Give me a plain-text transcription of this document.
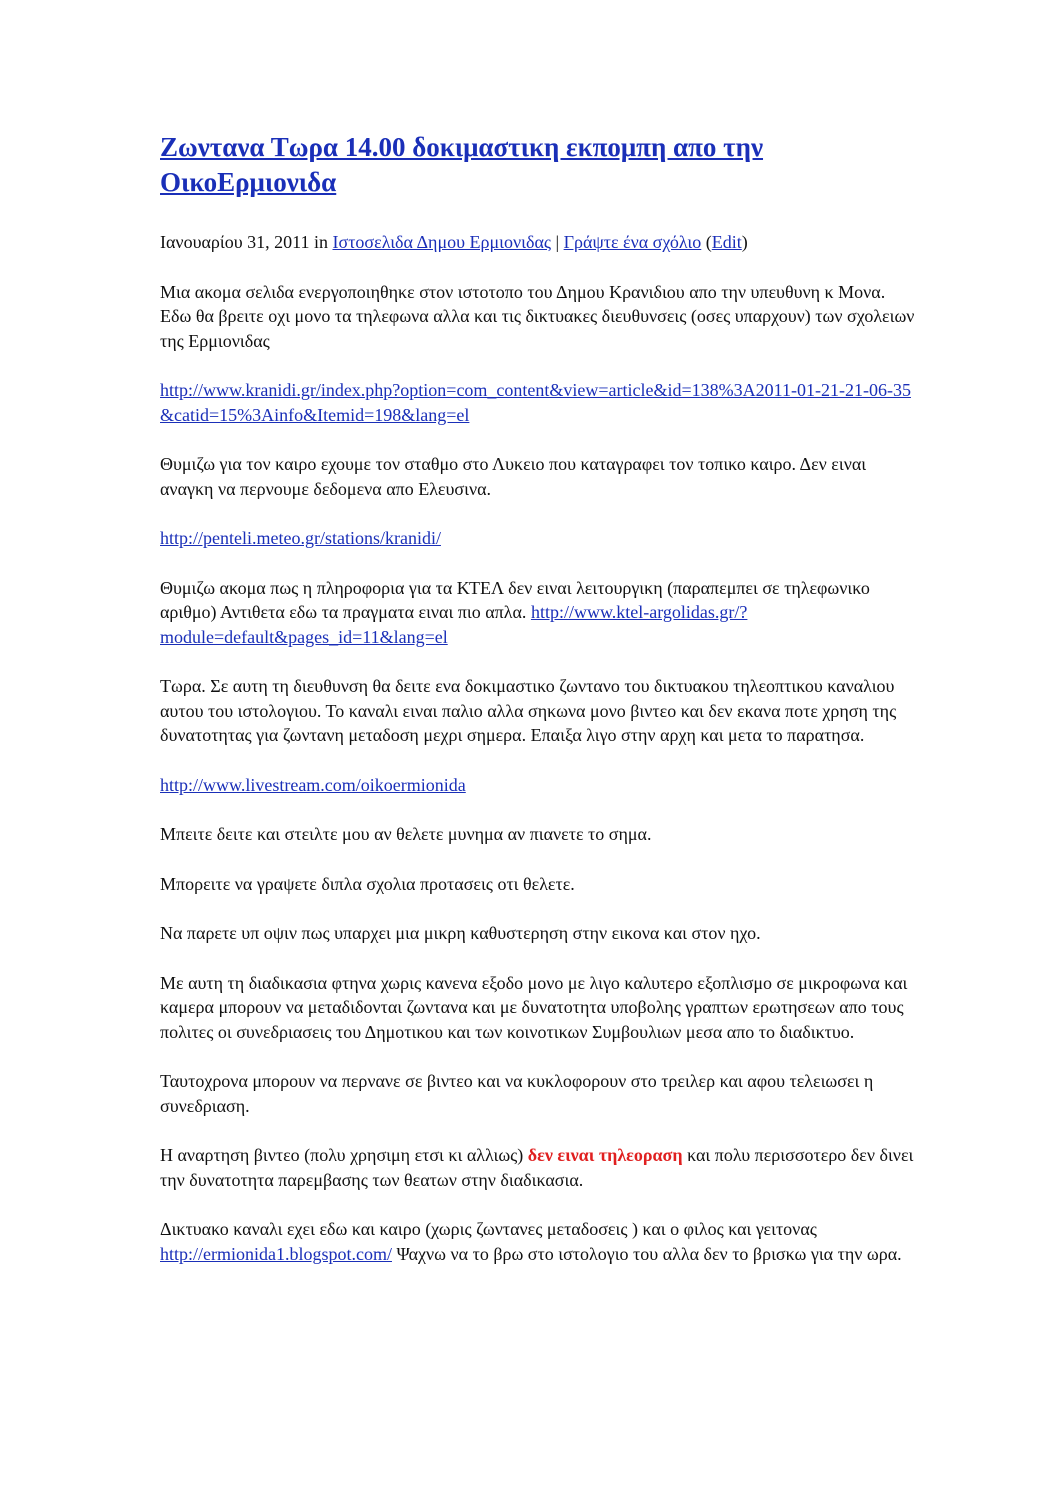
Ζωντανα Τωρα 14.00 δοκιμαστικη εκπομπη απο την ΟικοΕρμιονιδα

Ιανουαρίου 31, 2011 in Ιστοσελιδα Δημου Ερμιονιδας | Γράψτε ένα σχόλιο (Edit)

Μια ακομα σελιδα ενεργοποιηθηκε στον ιστοτοπο του Δημου Κρανιδιου απο την υπευθυνη κ Μονα. Εδω θα βρειτε οχι μονο τα τηλεφωνα αλλα και τις δικτυακες διευθυνσεις (οσες υπαρχουν) των σχολειων της Ερμιονιδας

http://www.kranidi.gr/index.php?option=com_content&view=article&id=138%3A2011-01-21-21-06-35&catid=15%3Ainfo&Itemid=198&lang=el

Θυμιζω για τον καιρο εχουμε τον σταθμο στο Λυκειο που καταγραφει τον τοπικο καιρο. Δεν ειναι αναγκη να περνουμε δεδομενα απο Ελευσινα.

http://penteli.meteo.gr/stations/kranidi/

Θυμιζω ακομα πως η πληροφορια για τα ΚΤΕΛ δεν ειναι λειτουργικη (παραπεμπει σε τηλεφωνικο αριθμο) Αντιθετα εδω τα πραγματα ειναι πιο απλα. http://www.ktel-argolidas.gr/?module=default&pages_id=11&lang=el

Τωρα. Σε αυτη τη διευθυνση θα δειτε ενα δοκιμαστικο ζωντανο του δικτυακου τηλεοπτικου καναλιου αυτου του ιστολογιου. Το καναλι ειναι παλιο αλλα σηκωνα μονο βιντεο και δεν εκανα ποτε χρηση της δυνατοτητας για ζωντανη μεταδοση μεχρι σημερα. Επαιξα λιγο στην αρχη και μετα το παρατησα.

http://www.livestream.com/oikoermionida

Μπειτε δειτε και στειλτε μου αν θελετε μυνημα αν πιανετε το σημα.

Μπορειτε να γραψετε διπλα σχολια προτασεις οτι θελετε.

Να παρετε υπ οψιν πως υπαρχει μια μικρη καθυστερηση στην εικονα και στον ηχο.

Με αυτη τη διαδικασια φτηνα χωρις κανενα εξοδο μονο με λιγο καλυτερο εξοπλισμο σε μικροφωνα και καμερα μπορουν να μεταδιδονται ζωντανα και με δυνατοτητα υποβολης γραπτων ερωτησεων απο τους πολιτες οι συνεδριασεις του Δημοτικου και των κοινοτικων Συμβουλιων μεσα απο το διαδικτυο.

Ταυτοχρονα μπορουν να περνανε σε βιντεο και να κυκλοφορουν στο τρειλερ και αφου τελειωσει η συνεδριαση.

Η αναρτηση βιντεο (πολυ χρησιμη ετσι κι αλλιως) δεν ειναι τηλεοραση και πολυ περισσοτερο δεν δινει την δυνατοτητα παρεμβασης των θεατων στην διαδικασια.

Δικτυακο καναλι εχει εδω και καιρο (χωρις ζωντανες μεταδοσεις ) και ο φιλος και γειτονας http://ermionida1.blogspot.com/ Ψαχνω να το βρω στο ιστολογιο του αλλα δεν το βρισκω για την ωρα.
